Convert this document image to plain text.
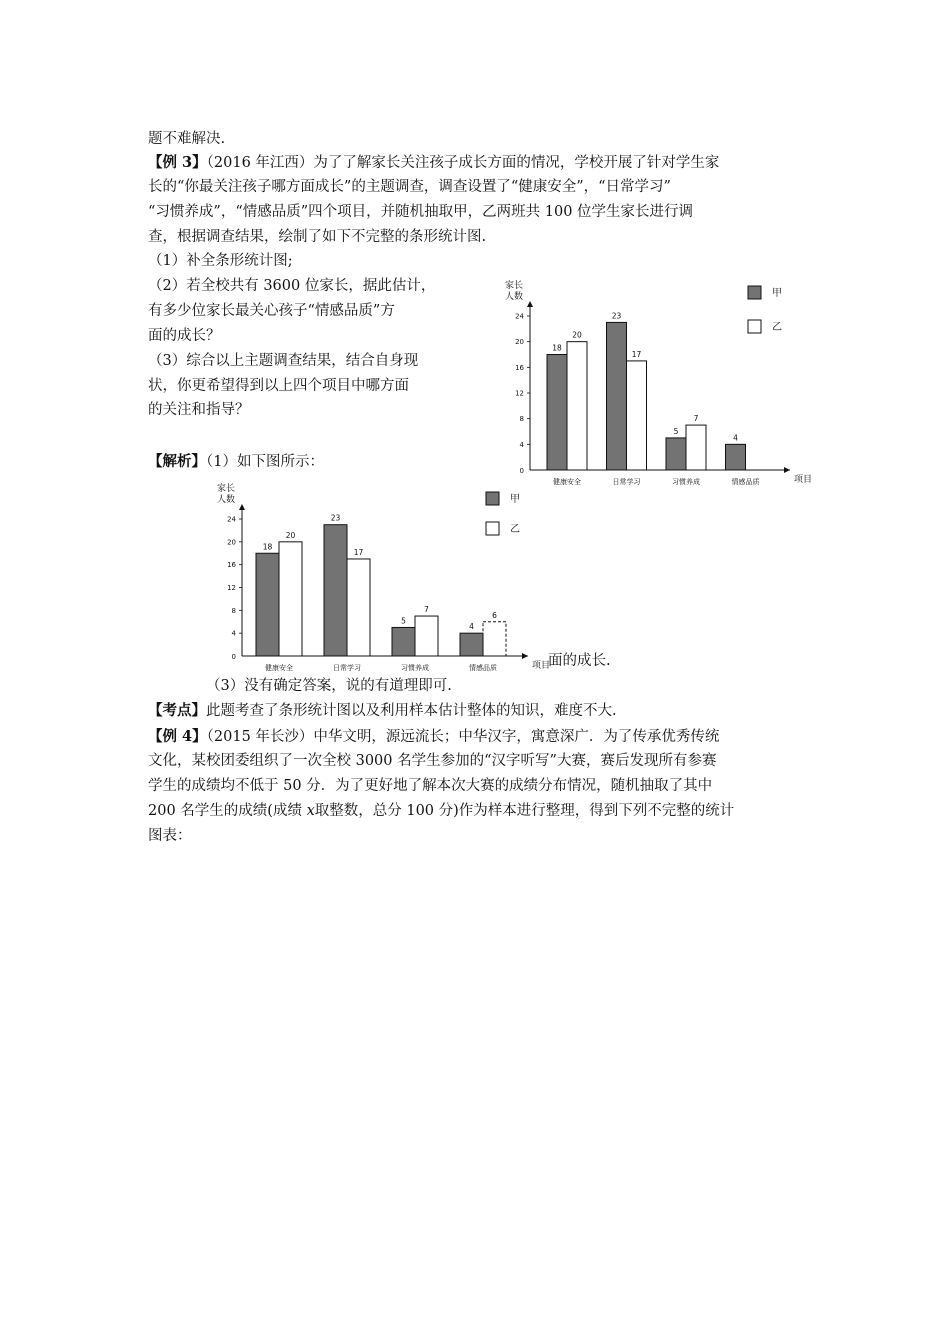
题不难解决.
【例 3】（2016 年江西）为了了解家长关注孩子成长方面的情况，学校开展了针对学生家
长的“你最关注孩子哪方面成长”的主题调查，调查设置了“健康安全”，“日常学习”
“习惯养成”，“情感品质”四个项目，并随机抽取甲，乙两班共 100 位学生家长进行调
查，根据调查结果，绘制了如下不完整的条形统计图.
（1）补全条形统计图;
（2）若全校共有 3600 位家长，据此估计，
有多少位家长最关心孩子“情感品质”方
面的成长？
（3）综合以上主题调查结果，结合自身现
状，你更希望得到以上四个项目中哪方面
的关注和指导？
【解析】（1）如下图所示：
面的成长.
（3）没有确定答案，说的有道理即可.
【考点】此题考查了条形统计图以及利用样本估计整体的知识，难度不大.
【例 4】（2015 年长沙）中华文明，源远流长；中华汉字，寓意深广．为了传承优秀传统
文化，某校团委组织了一次全校 3000 名学生参加的“汉字听写”大赛，赛后发现所有参赛
学生的成绩均不低于 50 分．为了更好地了解本次大赛的成绩分布情况，随机抽取了其中
200 名学生的成绩(成绩 x取整数，总分 100 分)作为样本进行整理，得到下列不完整的统计
图表：
家长
人数
项目
0
4
8
12
16
20
24
18
20
健康安全
23
17
日常学习
5
7
习惯养成
4
情感品质
甲
乙
家长
人数
项目
0
4
8
12
16
20
24
18
20
健康安全
23
17
日常学习
5
7
习惯养成
4
6
情感品质
甲
乙
